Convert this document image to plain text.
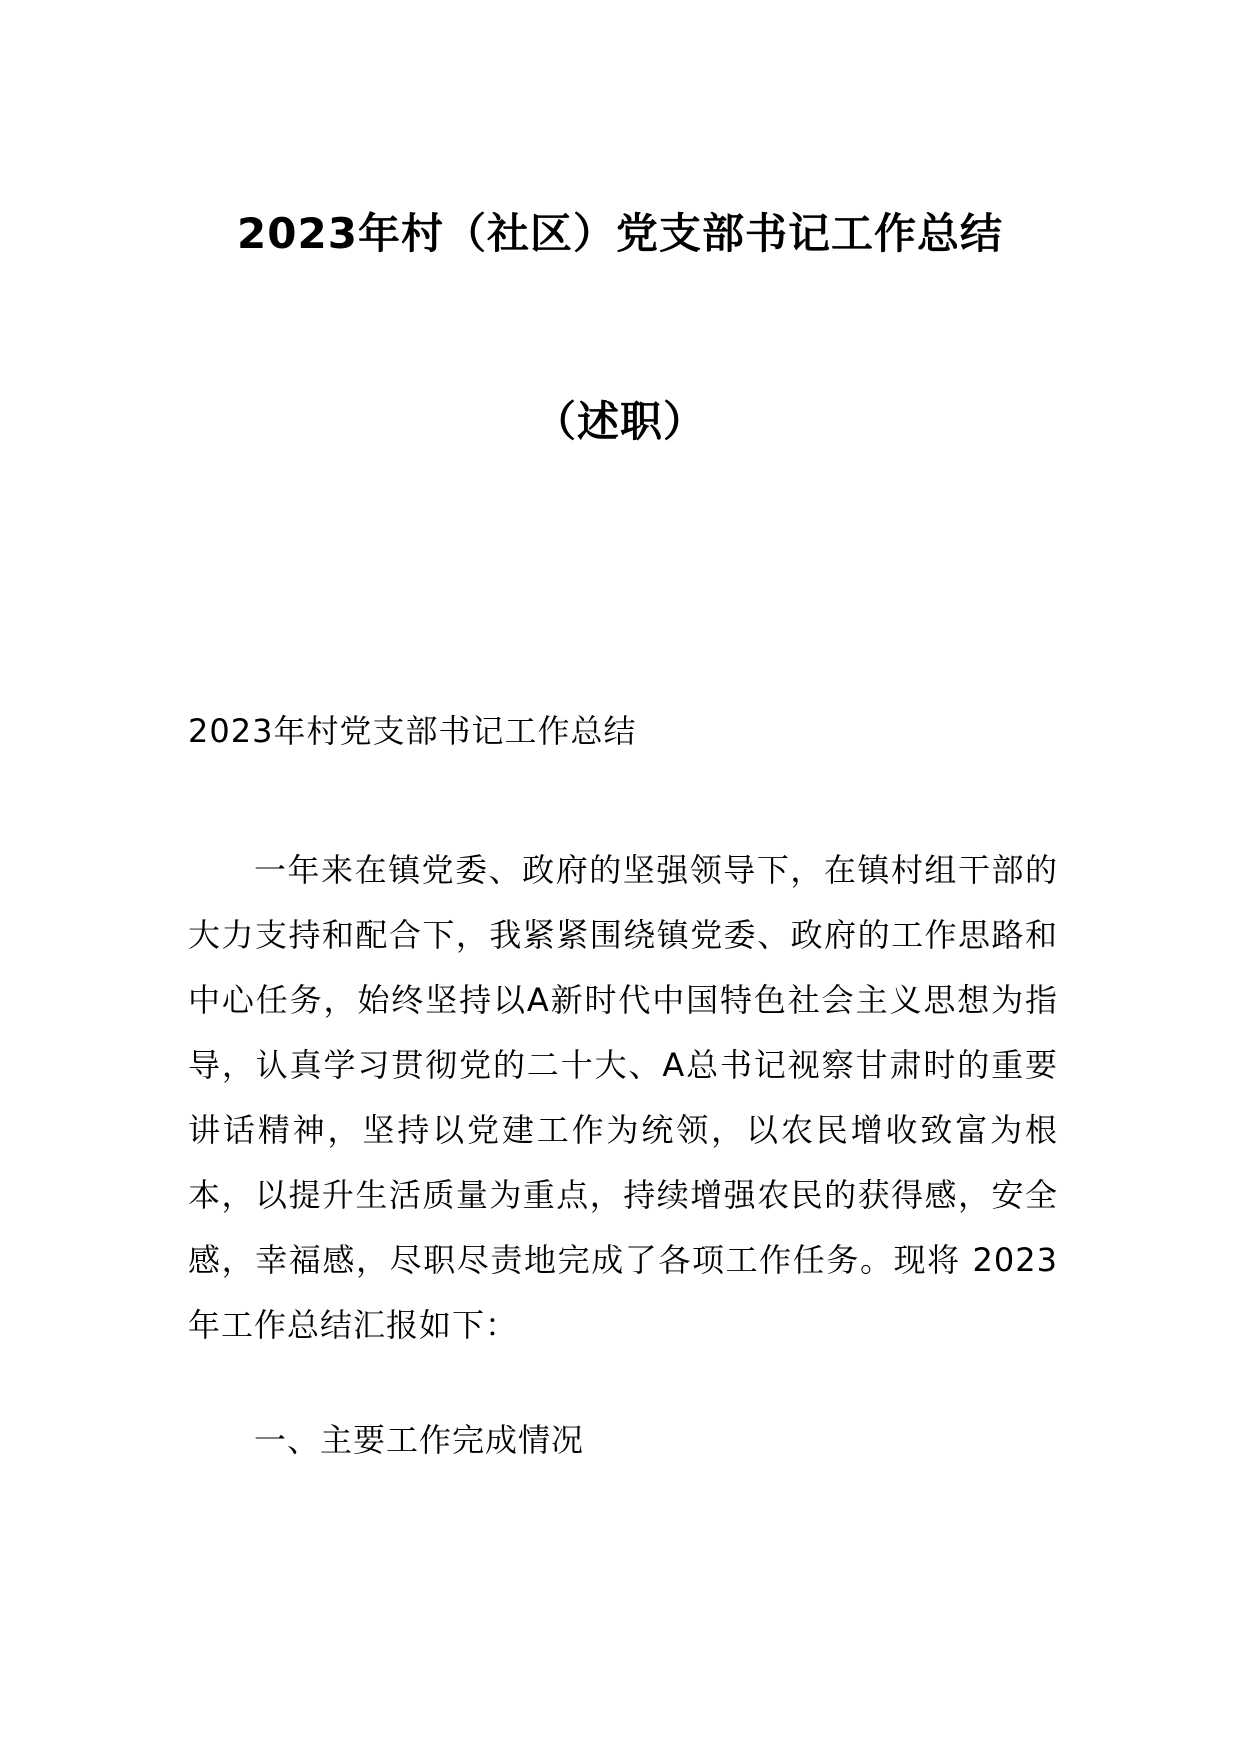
2023年村（社区）党支部书记工作总结
（述职）
2023年村党支部书记工作总结
一年来在镇党委、政府的坚强领导下，在镇村组干部的大力支持和配合下，我紧紧围绕镇党委、政府的工作思路和中心任务，始终坚持以A新时代中国特色社会主义思想为指导，认真学习贯彻党的二十大、A总书记视察甘肃时的重要讲话精神，坚持以党建工作为统领，以农民增收致富为根本，以提升生活质量为重点，持续增强农民的获得感，安全感，幸福感，尽职尽责地完成了各项工作任务。现将 2023年工作总结汇报如下：
一、主要工作完成情况
